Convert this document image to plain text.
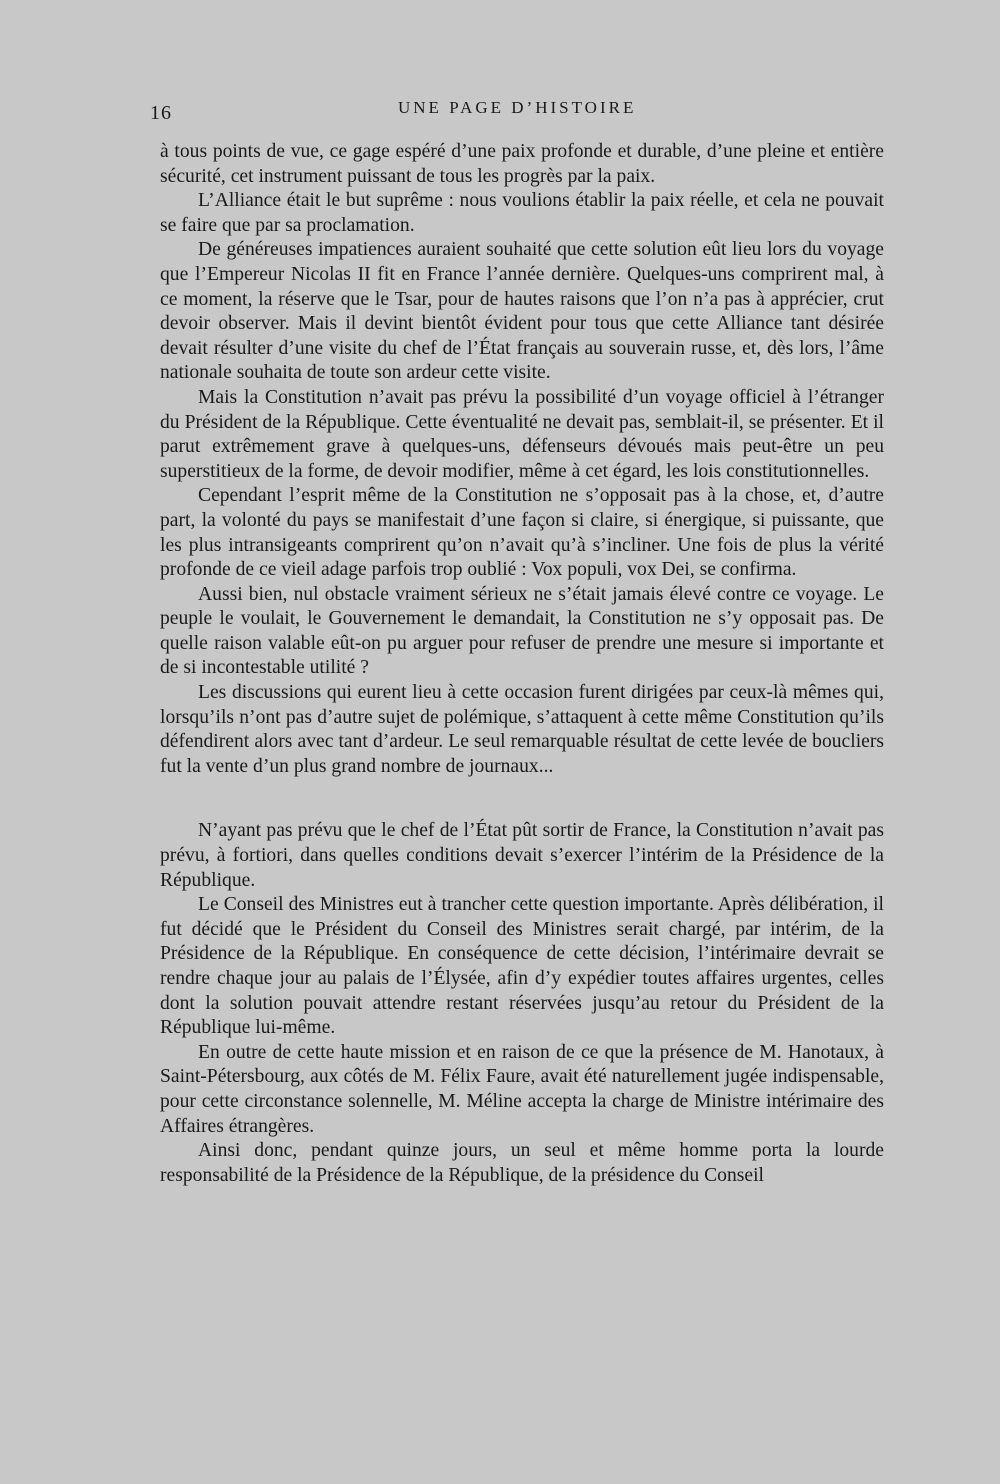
16	UNE PAGE D’HISTOIRE

à tous points de vue, ce gage espéré d’une paix profonde et durable, d’une pleine et entière sécurité, cet instrument puissant de tous les progrès par la paix.

L’Alliance était le but suprême : nous voulions établir la paix réelle, et cela ne pouvait se faire que par sa proclamation.

De généreuses impatiences auraient souhaité que cette solution eût lieu lors du voyage que l’Empereur Nicolas II fit en France l’année dernière. Quelques-uns comprirent mal, à ce moment, la réserve que le Tsar, pour de hautes raisons que l’on n’a pas à apprécier, crut devoir observer. Mais il devint bientôt évident pour tous que cette Alliance tant désirée devait résulter d’une visite du chef de l’État français au souverain russe, et, dès lors, l’âme nationale souhaita de toute son ardeur cette visite.

Mais la Constitution n’avait pas prévu la possibilité d’un voyage officiel à l’étranger du Président de la République. Cette éventualité ne devait pas, semblait-il, se présenter. Et il parut extrêmement grave à quelques-uns, défenseurs dévoués mais peut-être un peu superstitieux de la forme, de devoir modifier, même à cet égard, les lois constitutionnelles.

Cependant l’esprit même de la Constitution ne s’opposait pas à la chose, et, d’autre part, la volonté du pays se manifestait d’une façon si claire, si énergique, si puissante, que les plus intransigeants comprirent qu’on n’avait qu’à s’incliner. Une fois de plus la vérité profonde de ce vieil adage parfois trop oublié : Vox populi, vox Dei, se confirma.

Aussi bien, nul obstacle vraiment sérieux ne s’était jamais élevé contre ce voyage. Le peuple le voulait, le Gouvernement le demandait, la Constitution ne s’y opposait pas. De quelle raison valable eût-on pu arguer pour refuser de prendre une mesure si importante et de si incontestable utilité ?

Les discussions qui eurent lieu à cette occasion furent dirigées par ceux-là mêmes qui, lorsqu’ils n’ont pas d’autre sujet de polémique, s’attaquent à cette même Constitution qu’ils défendirent alors avec tant d’ardeur. Le seul remarquable résultat de cette levée de boucliers fut la vente d’un plus grand nombre de journaux...

N’ayant pas prévu que le chef de l’État pût sortir de France, la Constitution n’avait pas prévu, à fortiori, dans quelles conditions devait s’exercer l’intérim de la Présidence de la République.

Le Conseil des Ministres eut à trancher cette question importante. Après délibération, il fut décidé que le Président du Conseil des Ministres serait chargé, par intérim, de la Présidence de la République. En conséquence de cette décision, l’intérimaire devrait se rendre chaque jour au palais de l’Élysée, afin d’y expédier toutes affaires urgentes, celles dont la solution pouvait attendre restant réservées jusqu’au retour du Président de la République lui-même.

En outre de cette haute mission et en raison de ce que la présence de M. Hanotaux, à Saint-Pétersbourg, aux côtés de M. Félix Faure, avait été naturellement jugée indispensable, pour cette circonstance solennelle, M. Méline accepta la charge de Ministre intérimaire des Affaires étrangères.

Ainsi donc, pendant quinze jours, un seul et même homme porta la lourde responsabilité de la Présidence de la République, de la présidence du Conseil
